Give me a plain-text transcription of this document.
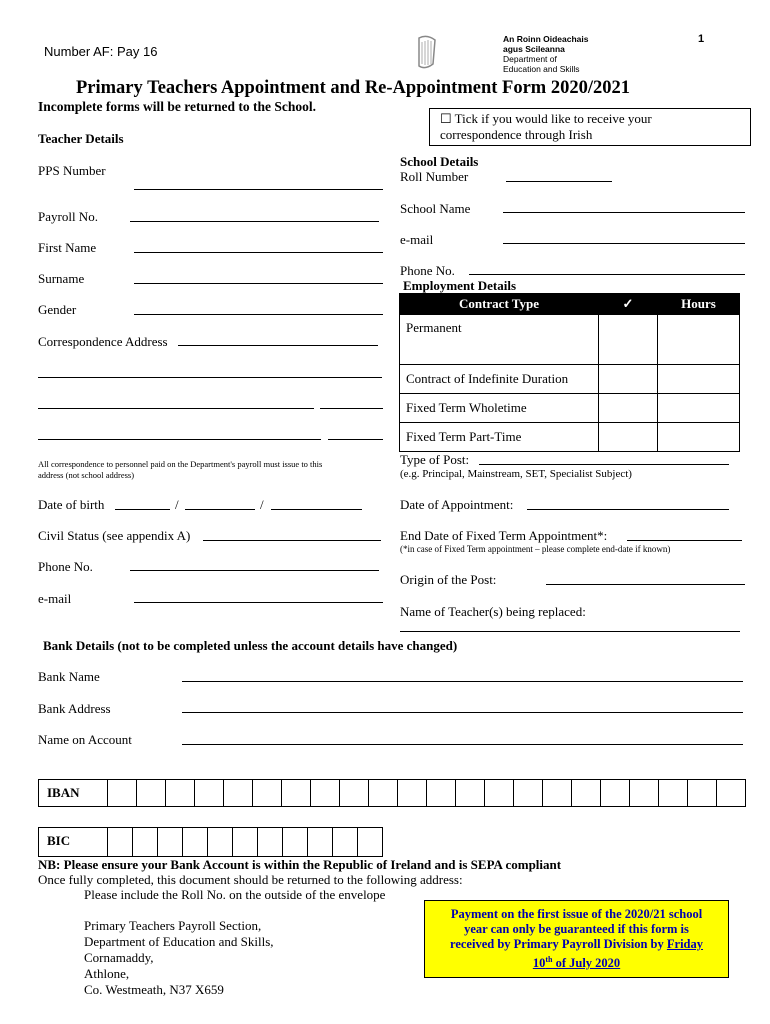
Number AF: Pay 16
An Roinn Oideachais
agus Scileanna
Department of
Education and Skills
1
Primary Teachers Appointment and Re-Appointment Form 2020/2021
Incomplete forms will be returned to the School.
☐ Tick if you would like to receive your
correspondence through Irish
Teacher Details
PPS Number
Payroll No.
First Name
Surname
Gender
Correspondence Address
All correspondence to personnel paid on the Department's payroll must issue to this
address (not school address)
Date of birth	/	/
Civil Status (see appendix A)
Phone No.
e-mail
School Details
Roll Number
School Name
e-mail
Phone No.
Employment Details
Contract Type	✓	Hours
Permanent		
Contract of Indefinite Duration		
Fixed Term Wholetime		
Fixed Term Part-Time		
Type of Post:
(e.g. Principal, Mainstream, SET, Specialist Subject)
Date of Appointment:
End Date of Fixed Term Appointment*:
(*in case of Fixed Term appointment – please complete end-date if known)
Origin of the Post:
Name of Teacher(s) being replaced:
Bank Details (not to be completed unless the account details have changed)
Bank Name
Bank Address
Name on Account
IBAN
BIC
NB: Please ensure your Bank Account is within the Republic of Ireland and is SEPA compliant
Once fully completed, this document should be returned to the following address:
Please include the Roll No. on the outside of the envelope
Primary Teachers Payroll Section,
Department of Education and Skills,
Cornamaddy,
Athlone,
Co. Westmeath, N37 X659
Payment on the first issue of the 2020/21 school
year can only be guaranteed if this form is
received by Primary Payroll Division by Friday
10th of July 2020
